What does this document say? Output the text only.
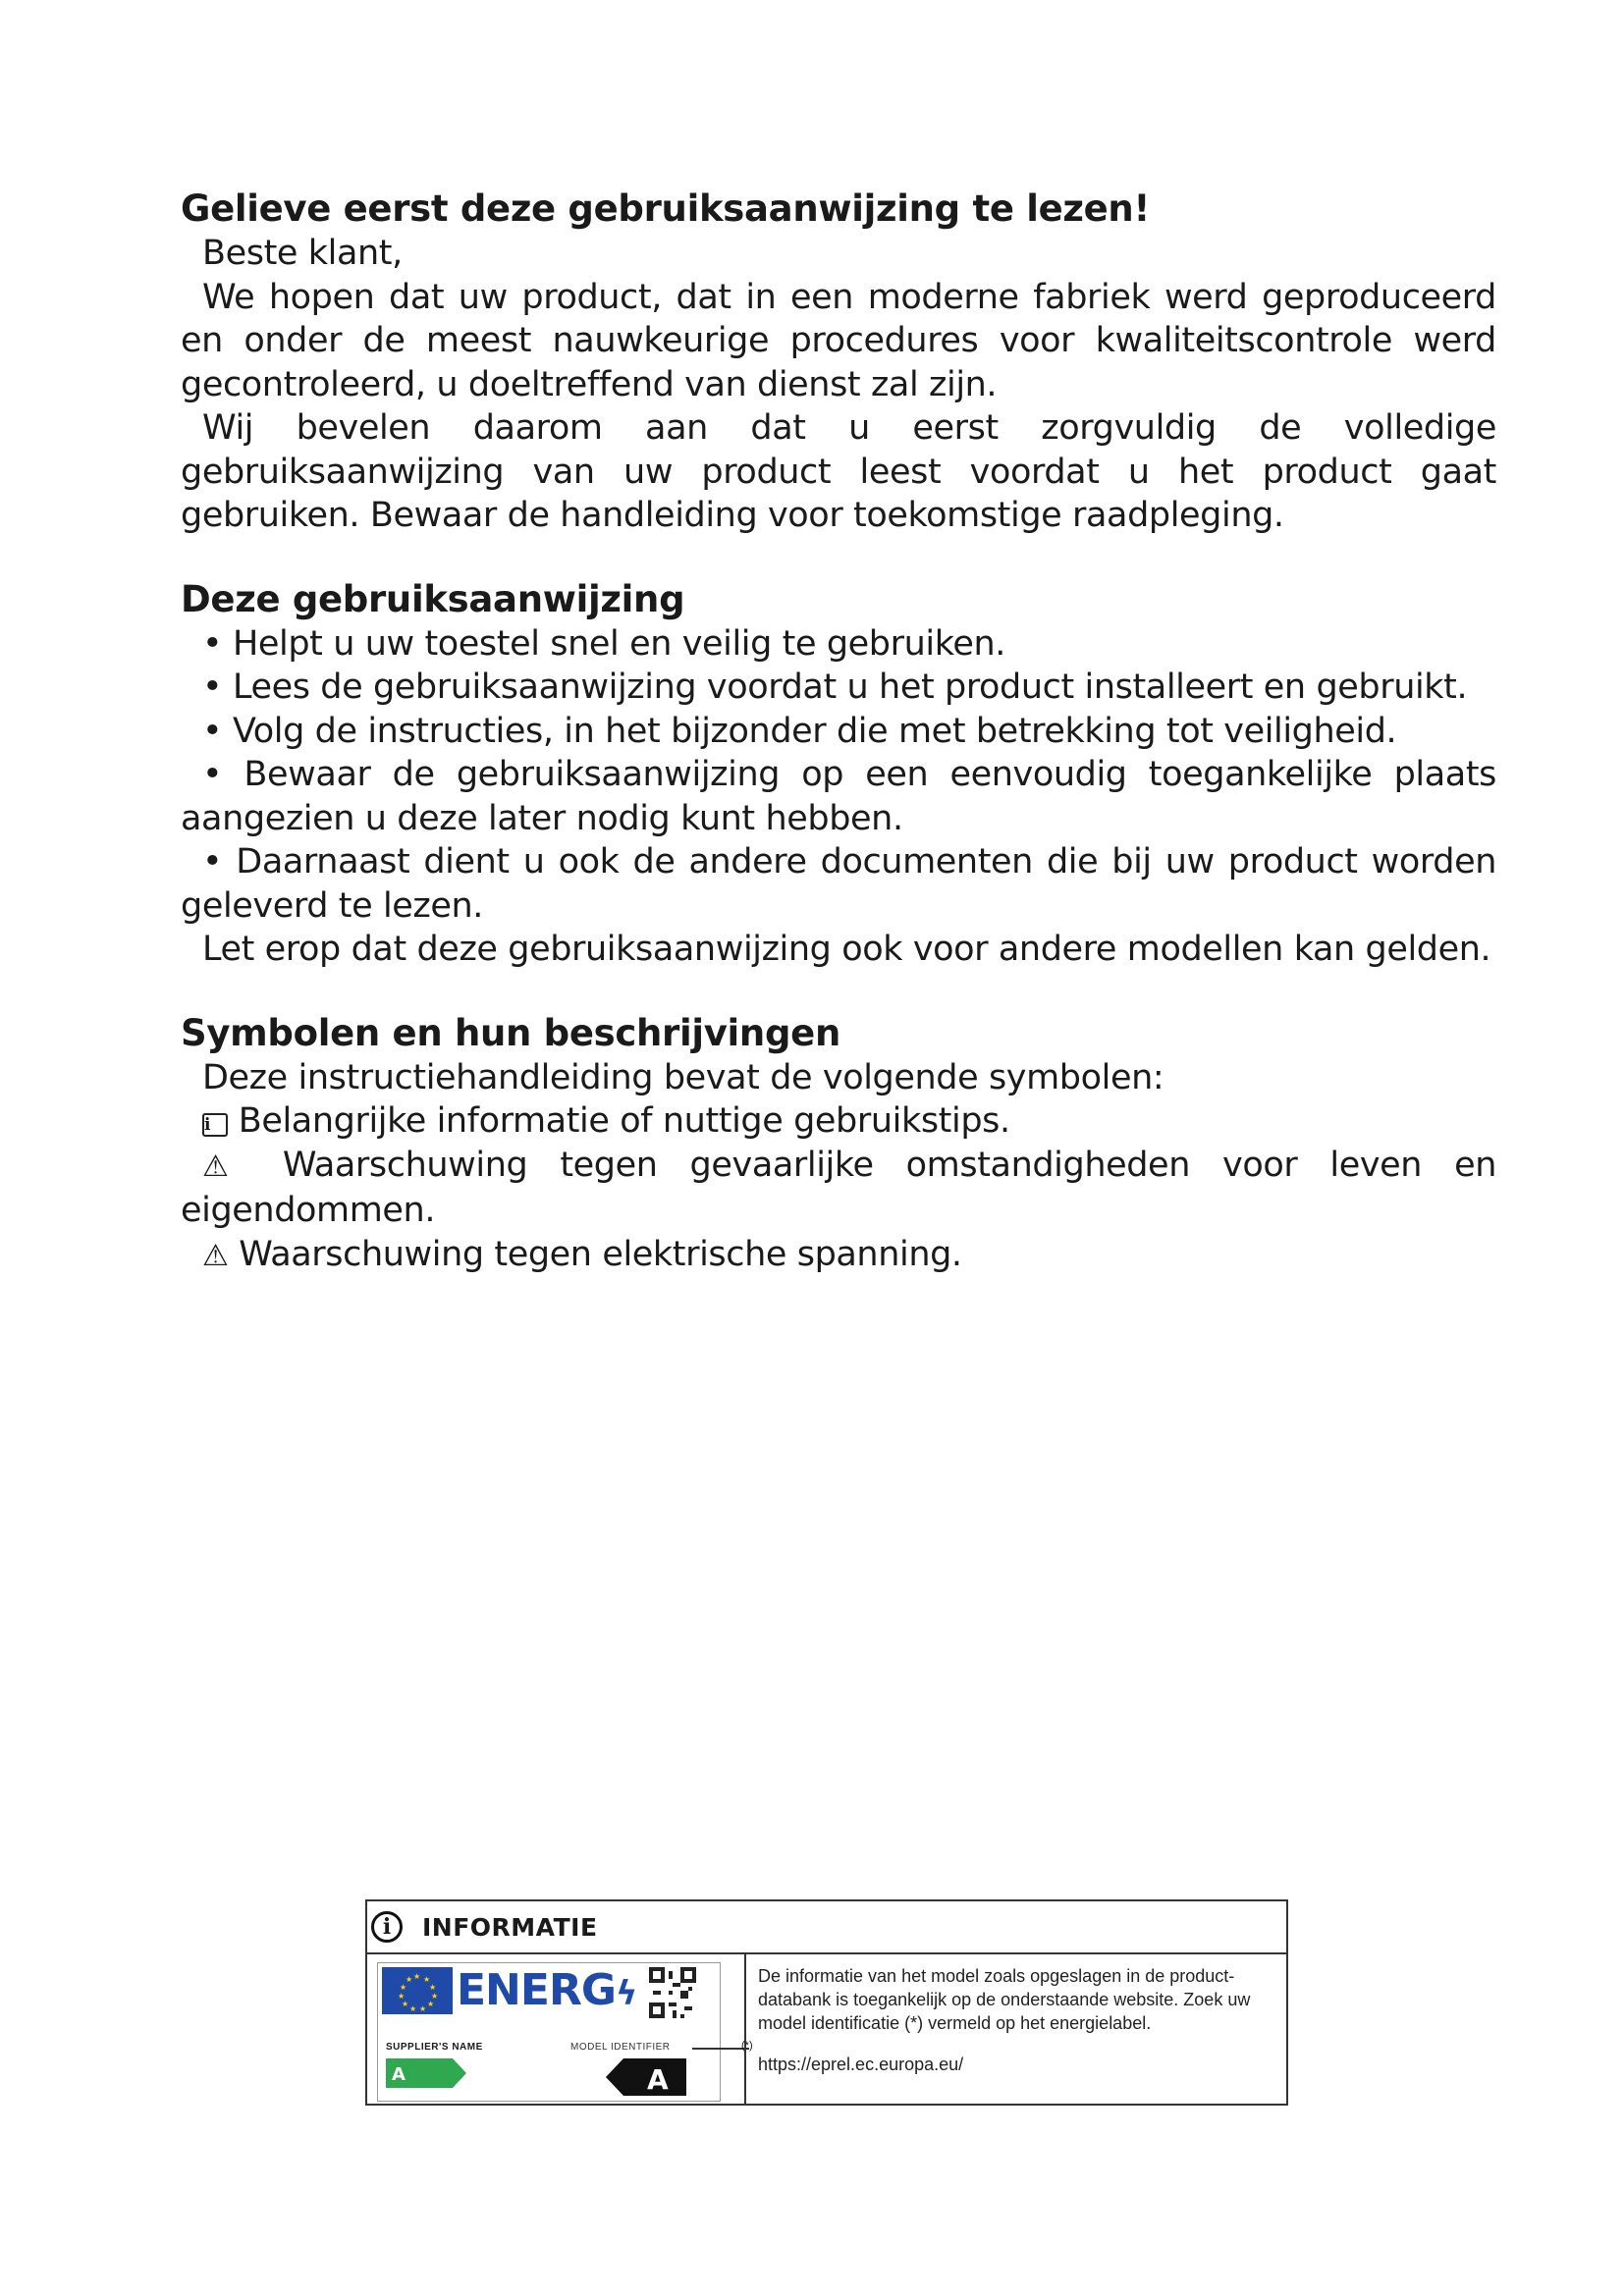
Gelieve eerst deze gebruiksaanwijzing te lezen!

Beste klant,

We hopen dat uw product, dat in een moderne fabriek werd geproduceerd en onder de meest nauwkeurige procedures voor kwaliteitscontrole werd gecontroleerd, u doeltreffend van dienst zal zijn.

Wij bevelen daarom aan dat u eerst zorgvuldig de volledige gebruiksaanwijzing van uw product leest voordat u het product gaat gebruiken. Bewaar de handleiding voor toekomstige raadpleging.

Deze gebruiksaanwijzing

• Helpt u uw toestel snel en veilig te gebruiken.

• Lees de gebruiksaanwijzing voordat u het product installeert en gebruikt.

• Volg de instructies, in het bijzonder die met betrekking tot veiligheid.

• Bewaar de gebruiksaanwijzing op een eenvoudig toegankelijke plaats aangezien u deze later nodig kunt hebben.

• Daarnaast dient u ook de andere documenten die bij uw product worden geleverd te lezen.

Let erop dat deze gebruiksaanwijzing ook voor andere modellen kan gelden.

Symbolen en hun beschrijvingen

Deze instructiehandleiding bevat de volgende symbolen:

i Belangrijke informatie of nuttige gebruikstips.

⚠ Waarschuwing tegen gevaarlijke omstandigheden voor leven en eigendommen.

⚠ Waarschuwing tegen elektrische spanning.

i	INFORMATIE
★ ★
★
★
★
★
★
★
★
★
★ ENERGϟ
SUPPLIER'S NAME	MODEL IDENTIFIER	(*)
A	A
De informatie van het model zoals opgeslagen in de product-databank is toegankelijk op de onderstaande website. Zoek uw model identificatie (*) vermeld op het energielabel.
https://eprel.ec.europa.eu/
